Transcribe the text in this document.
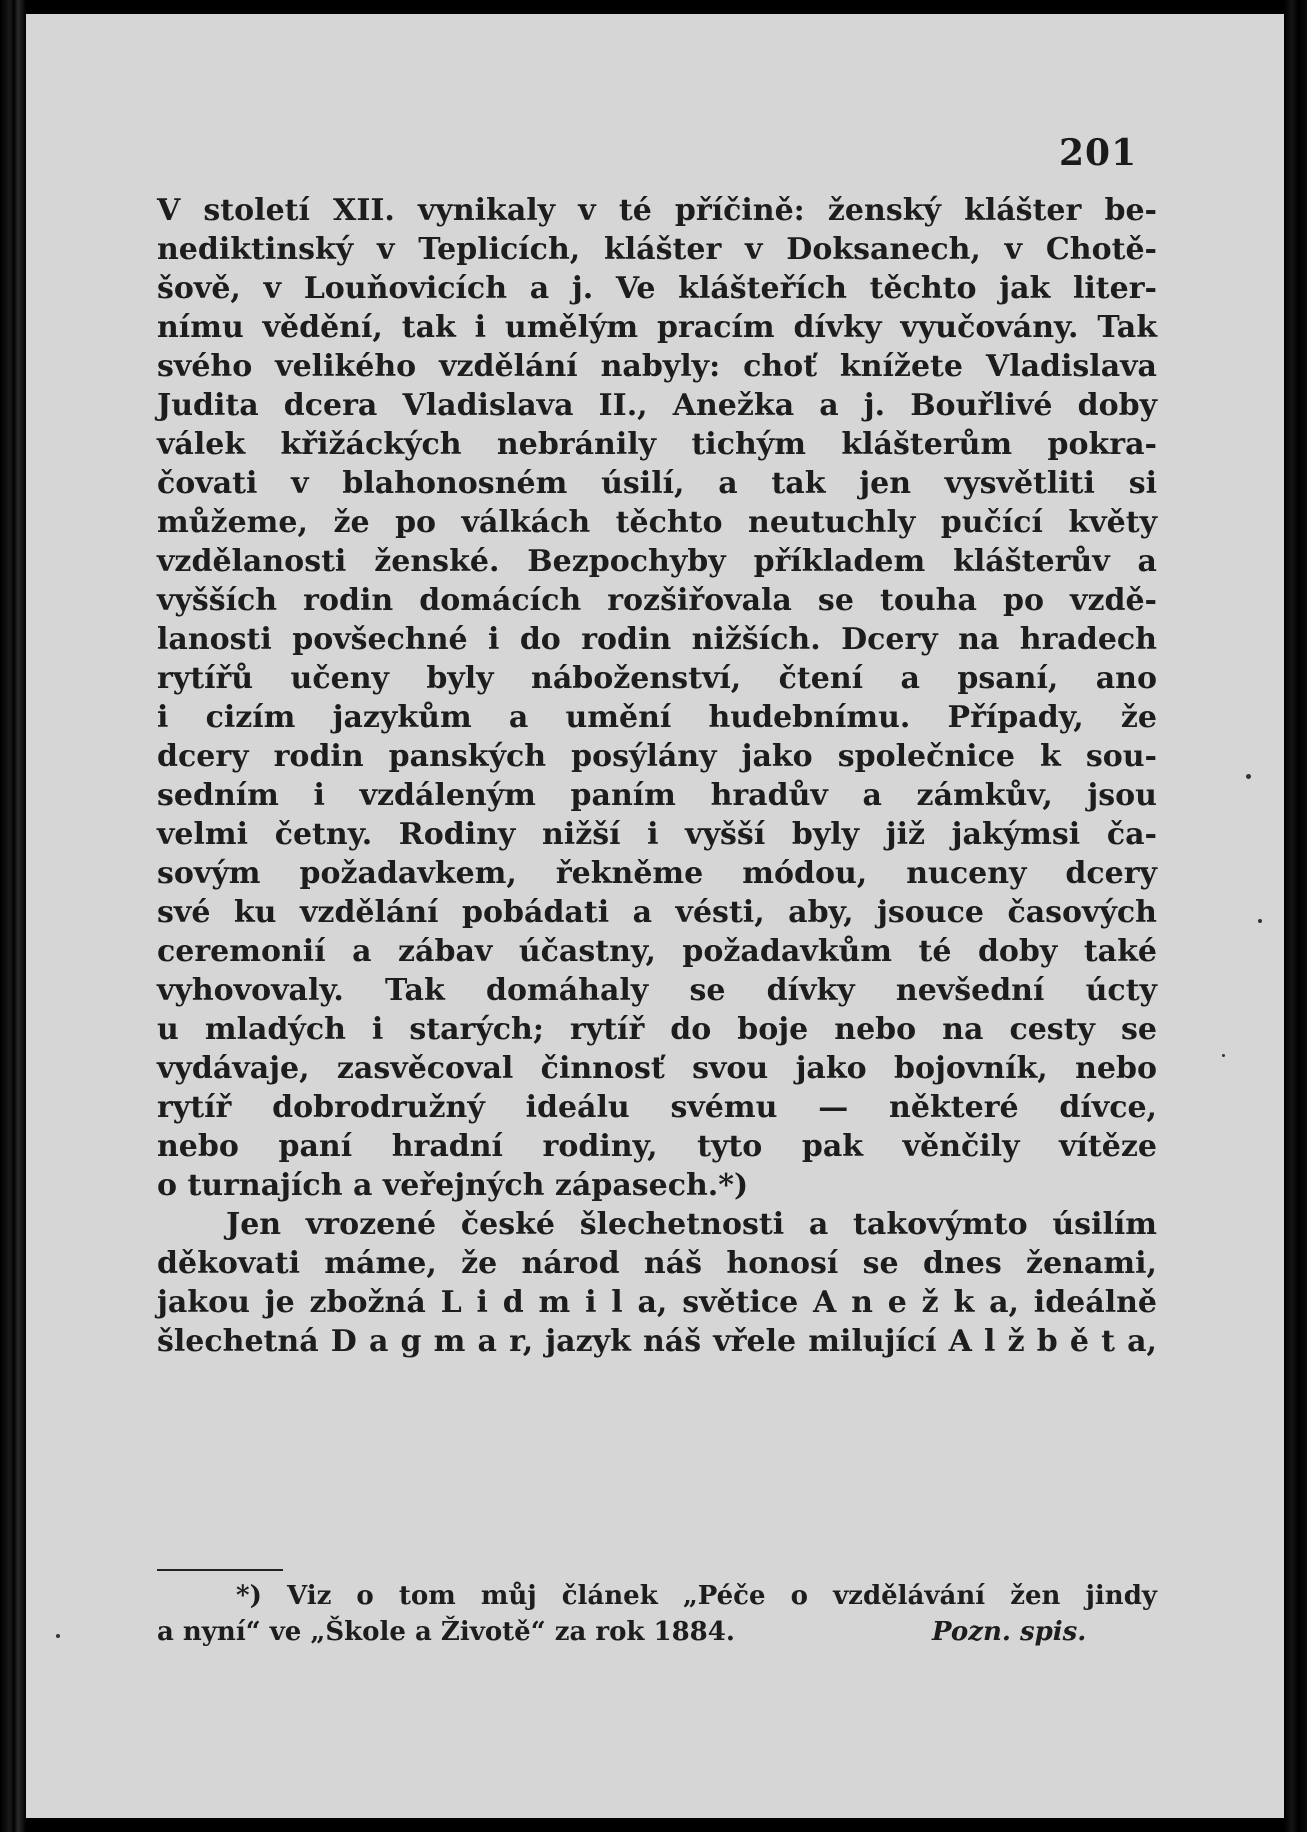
201
V století XII. vynikaly v té příčině: ženský klášter be-
nediktinský v Teplicích, klášter v Doksanech, v Chotě-
šově, v Louňovicích a j. Ve klášteřích těchto jak liter-
nímu vědění, tak i umělým pracím dívky vyučovány. Tak
svého velikého vzdělání nabyly: choť knížete Vladislava
Judita dcera Vladislava II., Anežka a j. Bouřlivé doby
válek křižáckých nebránily tichým klášterům pokra-
čovati v blahonosném úsilí, a tak jen vysvětliti si
můžeme, že po válkách těchto neutuchly pučící květy
vzdělanosti ženské. Bezpochyby příkladem klášterův a
vyšších rodin domácích rozšiřovala se touha po vzdě-
lanosti povšechné i do rodin nižších. Dcery na hradech
rytířů učeny byly náboženství, čtení a psaní, ano
i cizím jazykům a umění hudebnímu. Případy, že
dcery rodin panských posýlány jako společnice k sou-
sedním i vzdáleným paním hradův a zámkův, jsou
velmi četny. Rodiny nižší i vyšší byly již jakýmsi ča-
sovým požadavkem, řekněme módou, nuceny dcery
své ku vzdělání pobádati a vésti, aby, jsouce časových
ceremonií a zábav účastny, požadavkům té doby také
vyhovovaly. Tak domáhaly se dívky nevšední úcty
u mladých i starých; rytíř do boje nebo na cesty se
vydávaje, zasvěcoval činnosť svou jako bojovník, nebo
rytíř dobrodružný ideálu svému — některé dívce,
nebo paní hradní rodiny, tyto pak věnčily vítěze
o turnajích a veřejných zápasech.*)
Jen vrozené české šlechetnosti a takovýmto úsilím
děkovati máme, že národ náš honosí se dnes ženami,
jakou je zbožná L i d m i l a, světice A n e ž k a, ideálně
šlechetná D a g m a r, jazyk náš vřele milující A l ž b ě t a,
*) Viz o tom můj článek „Péče o vzdělávání žen jindy
a nyní“ ve „Škole a Životě“ za rok 1884.	Pozn. spis.
